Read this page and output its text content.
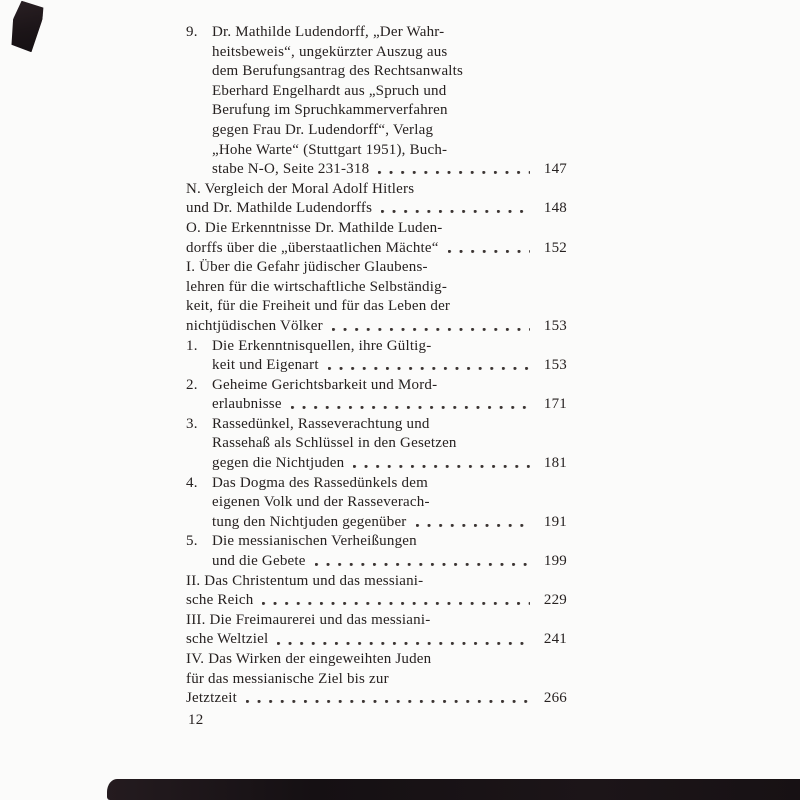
9. Dr. Mathilde Ludendorff, „Der Wahr-
heitsbeweis“, ungekürzter Auszug aus
dem Berufungsantrag des Rechtsanwalts
Eberhard Engelhardt aus „Spruch und
Berufung im Spruchkammerverfahren
gegen Frau Dr. Ludendorff“, Verlag
„Hohe Warte“ (Stuttgart 1951), Buch-
stabe N-O, Seite 231-318	147
N. Vergleich der Moral Adolf Hitlers
und Dr. Mathilde Ludendorffs	148
O. Die Erkenntnisse Dr. Mathilde Luden-
dorffs über die „überstaatlichen Mächte“	152
I. Über die Gefahr jüdischer Glaubens-
lehren für die wirtschaftliche Selbständig-
keit, für die Freiheit und für das Leben der
nichtjüdischen Völker	153
1. Die Erkenntnisquellen, ihre Gültig-
keit und Eigenart	153
2. Geheime Gerichtsbarkeit und Mord-
erlaubnisse	171
3. Rassedünkel, Rasseverachtung und
Rassehaß als Schlüssel in den Gesetzen
gegen die Nichtjuden	181
4. Das Dogma des Rassedünkels dem
eigenen Volk und der Rasseverach-
tung den Nichtjuden gegenüber	191
5. Die messianischen Verheißungen
und die Gebete	199
II. Das Christentum und das messiani-
sche Reich	229
III. Die Freimaurerei und das messiani-
sche Weltziel	241
IV. Das Wirken der eingeweihten Juden
für das messianische Ziel bis zur
Jetztzeit	266
12
